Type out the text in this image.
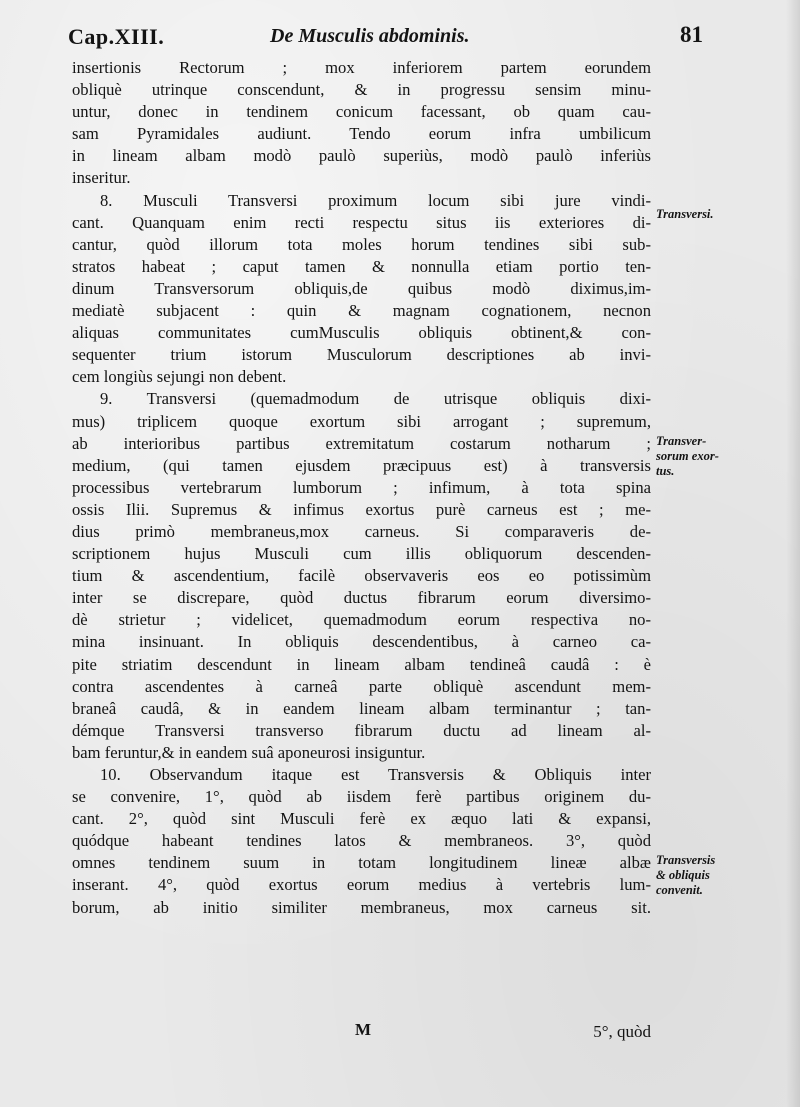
Cap.XIII.	De Musculis abdominis.	81
insertionis Rectorum ; mox inferiorem partem eorundem
obliquè utrinque conscendunt, & in progressu sensim minu-
untur, donec in tendinem conicum facessant, ob quam cau-
sam Pyramidales audiunt. Tendo eorum infra umbilicum
in lineam albam modò paulò superiùs, modò paulò inferiùs
inseritur.
8. Musculi Transversi proximum locum sibi jure vindi-
cant. Quanquam enim recti respectu situs iis exteriores di-
cantur, quòd illorum tota moles horum tendines sibi sub-
stratos habeat ; caput tamen & nonnulla etiam portio ten-
dinum Transversorum obliquis,de quibus modò diximus,im-
mediatè subjacent : quin & magnam cognationem, necnon
aliquas communitates cumMusculis obliquis obtinent,& con-
sequenter trium istorum Musculorum descriptiones ab invi-
cem longiùs sejungi non debent.
9. Transversi (quemadmodum de utrisque obliquis dixi-
mus) triplicem quoque exortum sibi arrogant ; supremum,
ab interioribus partibus extremitatum costarum notharum ;
medium, (qui tamen ejusdem præcipuus est) à transversis
processibus vertebrarum lumborum ; infimum, à tota spina
ossis Ilii. Supremus & infimus exortus purè carneus est ; me-
dius primò membraneus,mox carneus. Si comparaveris de-
scriptionem hujus Musculi cum illis obliquorum descenden-
tium & ascendentium, facilè observaveris eos eo potissimùm
inter se discrepare, quòd ductus fibrarum eorum diversimo-
dè strietur ; videlicet, quemadmodum eorum respectiva no-
mina insinuant. In obliquis descendentibus, à carneo ca-
pite striatim descendunt in lineam albam tendineâ caudâ : è
contra ascendentes à carneâ parte obliquè ascendunt mem-
braneâ caudâ, & in eandem lineam albam terminantur ; tan-
démque Transversi transverso fibrarum ductu ad lineam al-
bam feruntur,& in eandem suâ aponeurosi insiguntur.
10. Observandum itaque est Transversis & Obliquis inter
se convenire, 1°, quòd ab iisdem ferè partibus originem du-
cant. 2°, quòd sint Musculi ferè ex æquo lati & expansi,
quódque habeant tendines latos & membraneos. 3°, quòd
omnes tendinem suum in totam longitudinem lineæ albæ
inserant. 4°, quòd exortus eorum medius à vertebris lum-
borum, ab initio similiter membraneus, mox carneus sit.
Transversi.
Transver-
sorum exor-
tus.
Transversis
& obliquis
convenit.
M	5°, quòd
